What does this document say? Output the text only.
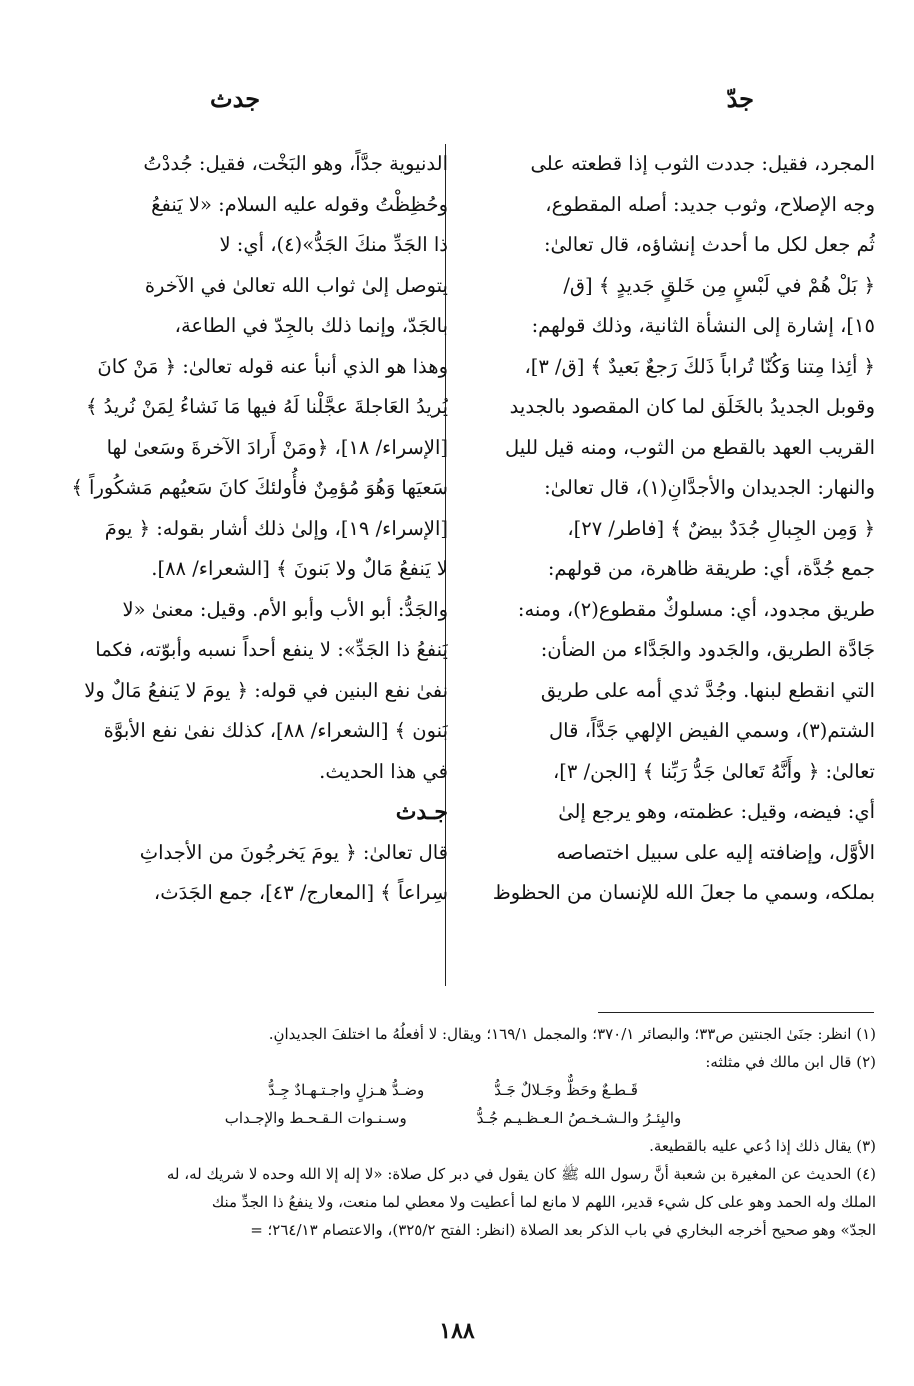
جدّ
جدث

المجرد، فقيل: جددت الثوب إذا قطعته على

وجه الإصلاح، وثوب جديد: أصله المقطوع،

ثُم جعل لكل ما أحدث إنشاؤه، قال تعالىٰ:

﴿ بَلْ هُمْ في لَبْسٍ مِن خَلقٍ جَديدٍ ﴾ [ق/

١٥]، إشارة إلى النشأة الثانية، وذلك قولهم:

﴿ أئِذا مِتنا وَكُنّا تُراباً ذَلكَ رَجعٌ بَعيدٌ ﴾ [ق/ ٣]،

وقوبل الجديدُ بالخَلَق لما كان المقصود بالجديد

القريب العهد بالقطع من الثوب، ومنه قيل لليل

والنهار: الجديدان والأجدَّانِ(١)، قال تعالىٰ:

﴿ وَمِن الجِبالِ جُدَدٌ بيضٌ ﴾ [فاطر/ ٢٧]،

جمع جُدَّة، أي: طريقة ظاهرة، من قولهم:

طريق مجدود، أي: مسلوكٌ مقطوع(٢)، ومنه:

جَادَّة الطريق، والجَدود والجَدَّاء من الضأن:

التي انقطع لبنها. وجُدَّ ثدي أمه على طريق

الشتم(٣)، وسمي الفيض الإلهي جَدَّاً، قال

تعالىٰ: ﴿ وأَنَّهُ تَعالىٰ جَدُّ رَبِّنا ﴾ [الجن/ ٣]،

أي: فيضه، وقيل: عظمته، وهو يرجع إلىٰ

الأوَّل، وإضافته إليه على سبيل اختصاصه

بملكه، وسمي ما جعلَ الله للإنسان من الحظوظ

الدنيوية جدَّاً، وهو البَخْت، فقيل: جُددْتُ

وحُظِظْتُ وقوله عليه السلام: «لا يَنفعُ

ذا الجَدِّ منكَ الجَدُّ»(٤)، أي: لا

يتوصل إلىٰ ثواب الله تعالىٰ في الآخرة

بالجَدّ، وإنما ذلك بالجِدّ في الطاعة،

وهذا هو الذي أنبأ عنه قوله تعالىٰ: ﴿ مَنْ كانَ

يُريدُ العَاجلةَ عجَّلْنا لَهُ فيها مَا نَشاءُ لِمَنْ نُريدُ ﴾

[الإسراء/ ١٨]، ﴿ومَنْ أَرادَ الآخرةَ وسَعىٰ لها

سَعيَها وَهُوَ مُؤمِنٌ فأُولئكَ كانَ سَعيُهم مَشكُوراً ﴾

[الإسراء/ ١٩]، وإلىٰ ذلك أشار بقوله: ﴿ يومَ

لا يَنفعُ مَالٌ ولا بَنونَ ﴾ [الشعراء/ ٨٨].

والجَدُّ: أبو الأب وأبو الأم. وقيل: معنىٰ «لا

يَنفعُ ذا الجَدِّ»: لا ينفع أحداً نسبه وأبوّته، فكما

نفىٰ نفع البنين في قوله: ﴿ يومَ لا يَنفعُ مَالٌ ولا

بَنون ﴾ [الشعراء/ ٨٨]، كذلك نفىٰ نفع الأبوَّة

في هذا الحديث.

جـدث

قال تعالىٰ: ﴿ يومَ يَخرجُونَ من الأجداثِ

سِراعاً ﴾ [المعارج/ ٤٣]، جمع الجَدَث،

(١) انظر: جنَىٰ الجنتين ص٣٣؛ والبصائر ٣٧٠/١؛ والمجمل ١٦٩/١؛ ويقال: لا أفعلُهُ ما اختلفَ الجديدانِ.

(٢) قال ابن مالك في مثلثه:

قَـطـعٌ وحَظٌّ وجَـلالٌ جَـدُّ
وضـدُّ هـزلٍ واجـتـهـادٌ جِـدُّ
والبِئـرُ والـشـخـصُ الـعـظـيـم جُـدُّ
وسـنـوات الـقـحـط والإجـداب

(٣) يقال ذلك إذا دُعي عليه بالقطيعة.

(٤) الحديث عن المغيرة بن شعبة أنَّ رسول الله ﷺ كان يقول في دبر كل صلاة: «لا إله إلا الله وحده لا شريك له، له

الملك وله الحمد وهو على كل شيء قدير، اللهم لا مانع لما أعطيت ولا معطي لما منعت، ولا ينفعُ ذا الجدِّ منك

الجدّ» وهو صحيح أخرجه البخاري في باب الذكر بعد الصلاة (انظر: الفتح ٣٢٥/٢)، والاعتصام ٢٦٤/١٣؛ =

١٨٨
